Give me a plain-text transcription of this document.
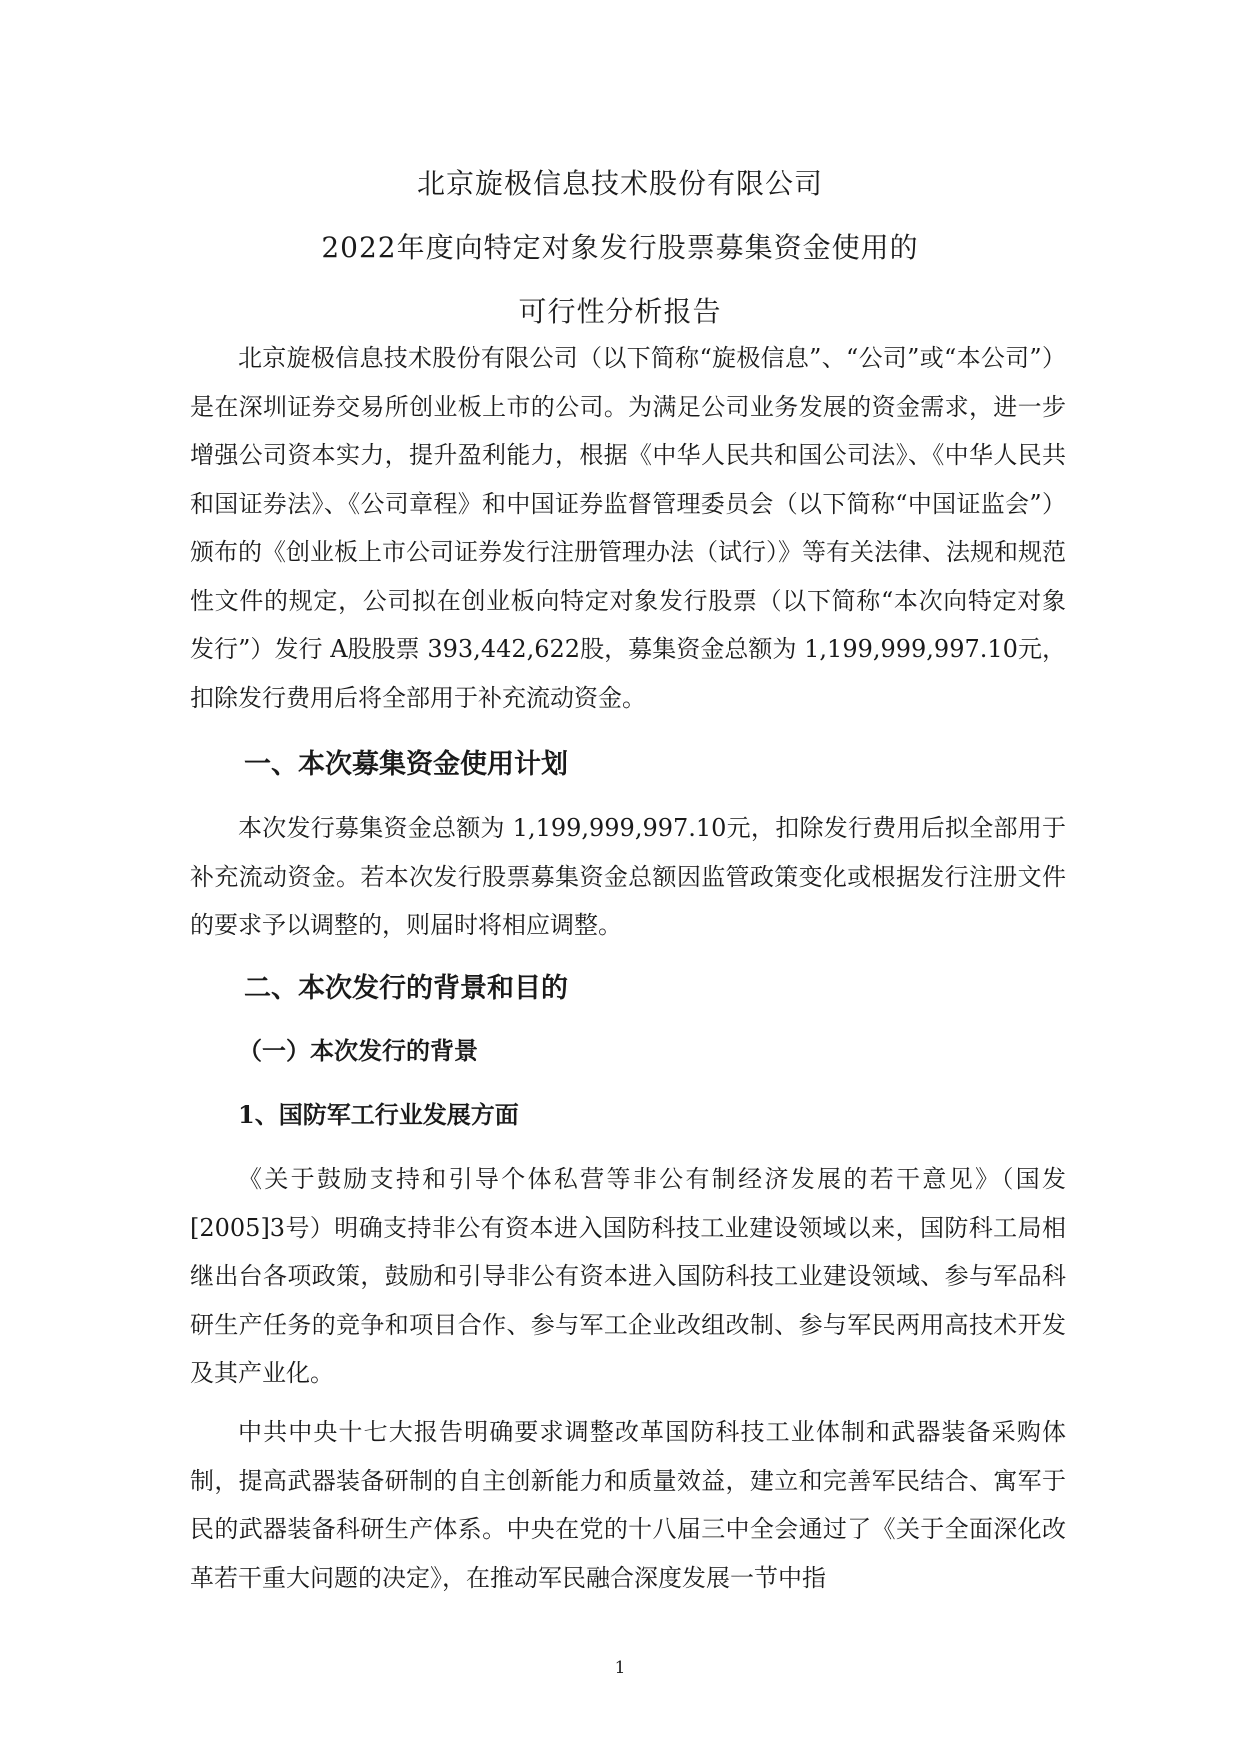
北京旋极信息技术股份有限公司
2022年度向特定对象发行股票募集资金使用的
可行性分析报告

北京旋极信息技术股份有限公司（以下简称“旋极信息”、“公司”或“本公司”）是在深圳证券交易所创业板上市的公司。为满足公司业务发展的资金需求，进一步增强公司资本实力，提升盈利能力，根据《中华人民共和国公司法》、《中华人民共和国证券法》、《公司章程》和中国证券监督管理委员会（以下简称“中国证监会”）颁布的《创业板上市公司证券发行注册管理办法（试行）》等有关法律、法规和规范性文件的规定，公司拟在创业板向特定对象发行股票（以下简称“本次向特定对象发行”）发行 A股股票 393,442,622股，募集资金总额为 1,199,999,997.10元，扣除发行费用后将全部用于补充流动资金。

一、本次募集资金使用计划

本次发行募集资金总额为 1,199,999,997.10元，扣除发行费用后拟全部用于补充流动资金。若本次发行股票募集资金总额因监管政策变化或根据发行注册文件的要求予以调整的，则届时将相应调整。

二、本次发行的背景和目的
（一）本次发行的背景
1、国防军工行业发展方面

《关于鼓励支持和引导个体私营等非公有制经济发展的若干意见》（国发[2005]3号）明确支持非公有资本进入国防科技工业建设领域以来，国防科工局相继出台各项政策，鼓励和引导非公有资本进入国防科技工业建设领域、参与军品科研生产任务的竞争和项目合作、参与军工企业改组改制、参与军民两用高技术开发及其产业化。

中共中央十七大报告明确要求调整改革国防科技工业体制和武器装备采购体制，提高武器装备研制的自主创新能力和质量效益，建立和完善军民结合、寓军于民的武器装备科研生产体系。中央在党的十八届三中全会通过了《关于全面深化改革若干重大问题的决定》，在推动军民融合深度发展一节中指

1
